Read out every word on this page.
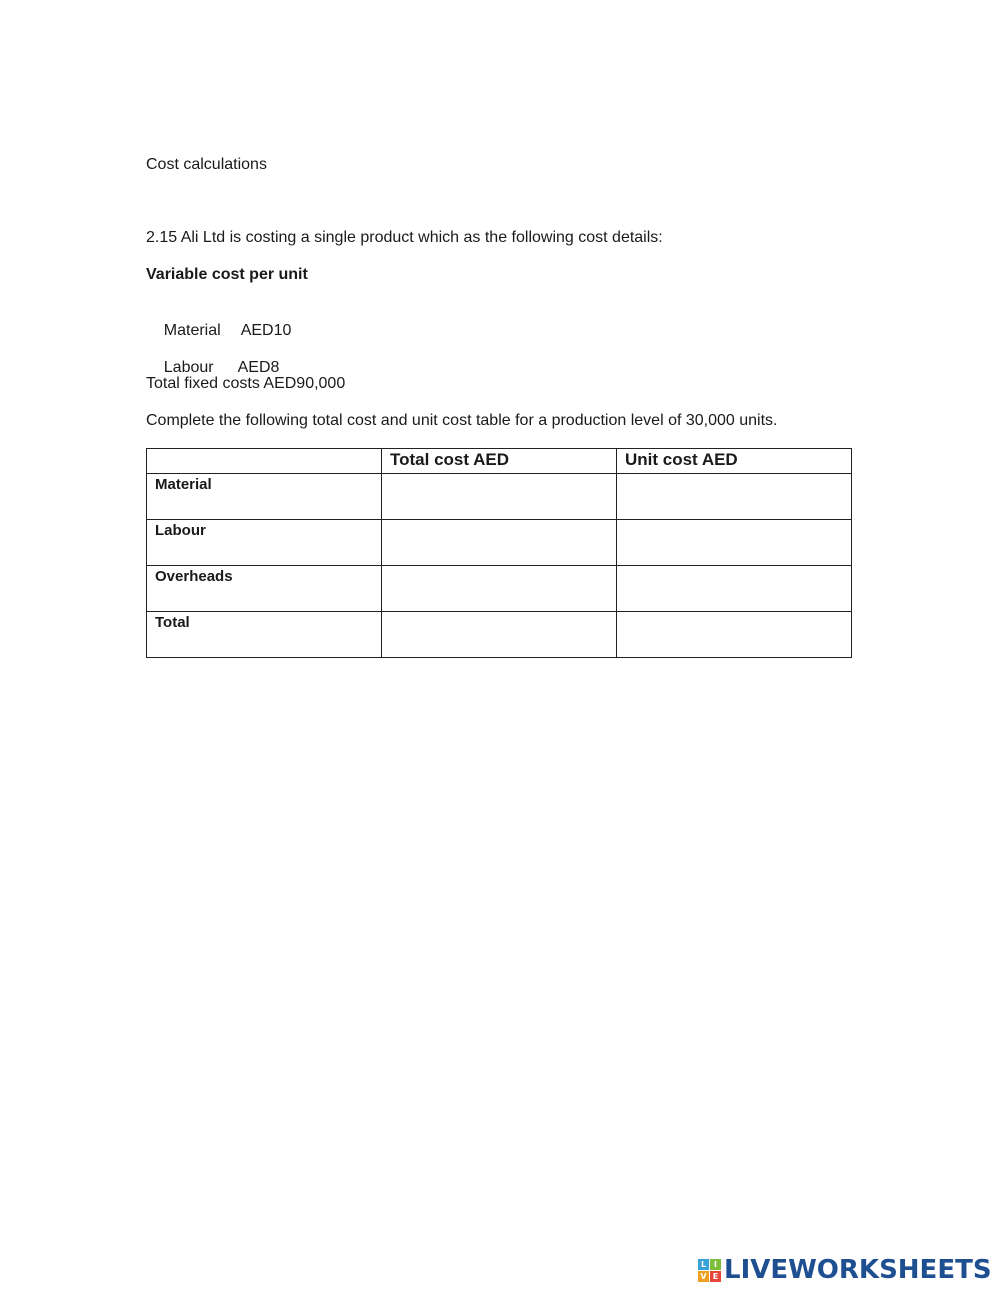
Cost calculations
2.15 Ali Ltd is costing a single product which as the following cost details:
Variable cost per unit

Material AED10

Labour AED8

Total fixed costs AED90,000
Complete the following total cost and unit cost table for a production level of 30,000 units.
	Total cost AED	Unit cost AED
Material		
Labour		
Overheads		
Total		
L I
V E LIVEWORKSHEETS
